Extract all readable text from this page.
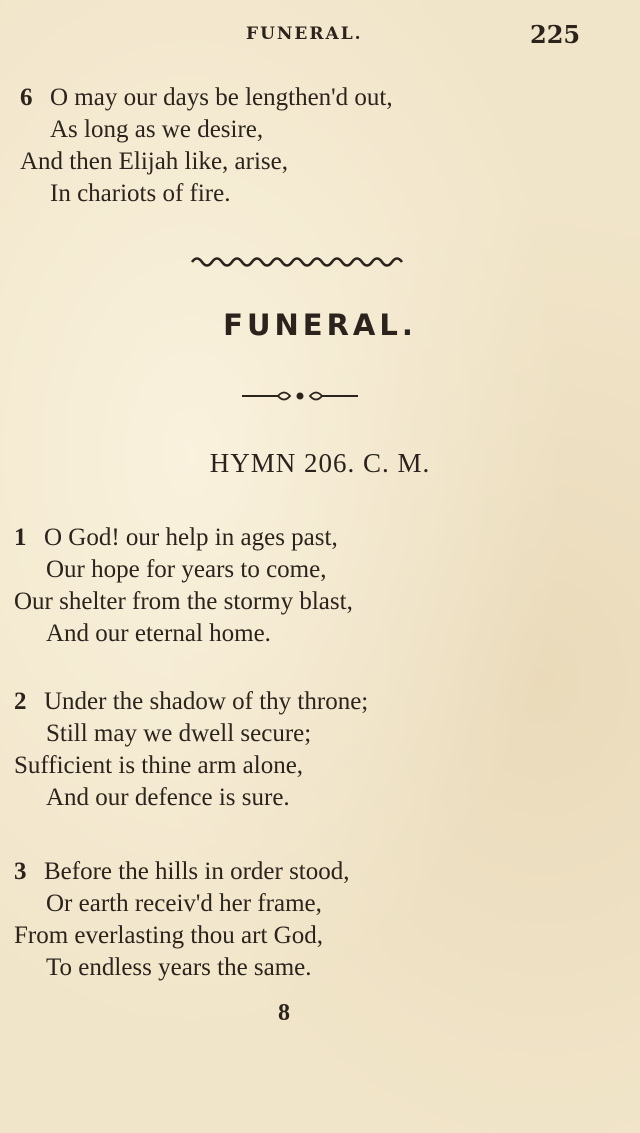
FUNERAL.	225
6 O may our days be lengthen'd out,
As long as we desire,
And then Elijah like, arise,
In chariots of fire.
FUNERAL.
HYMN 206. C. M.
1 O God! our help in ages past,
Our hope for years to come,
Our shelter from the stormy blast,
And our eternal home.
2 Under the shadow of thy throne;
Still may we dwell secure;
Sufficient is thine arm alone,
And our defence is sure.
3 Before the hills in order stood,
Or earth receiv'd her frame,
From everlasting thou art God,
To endless years the same.
8
